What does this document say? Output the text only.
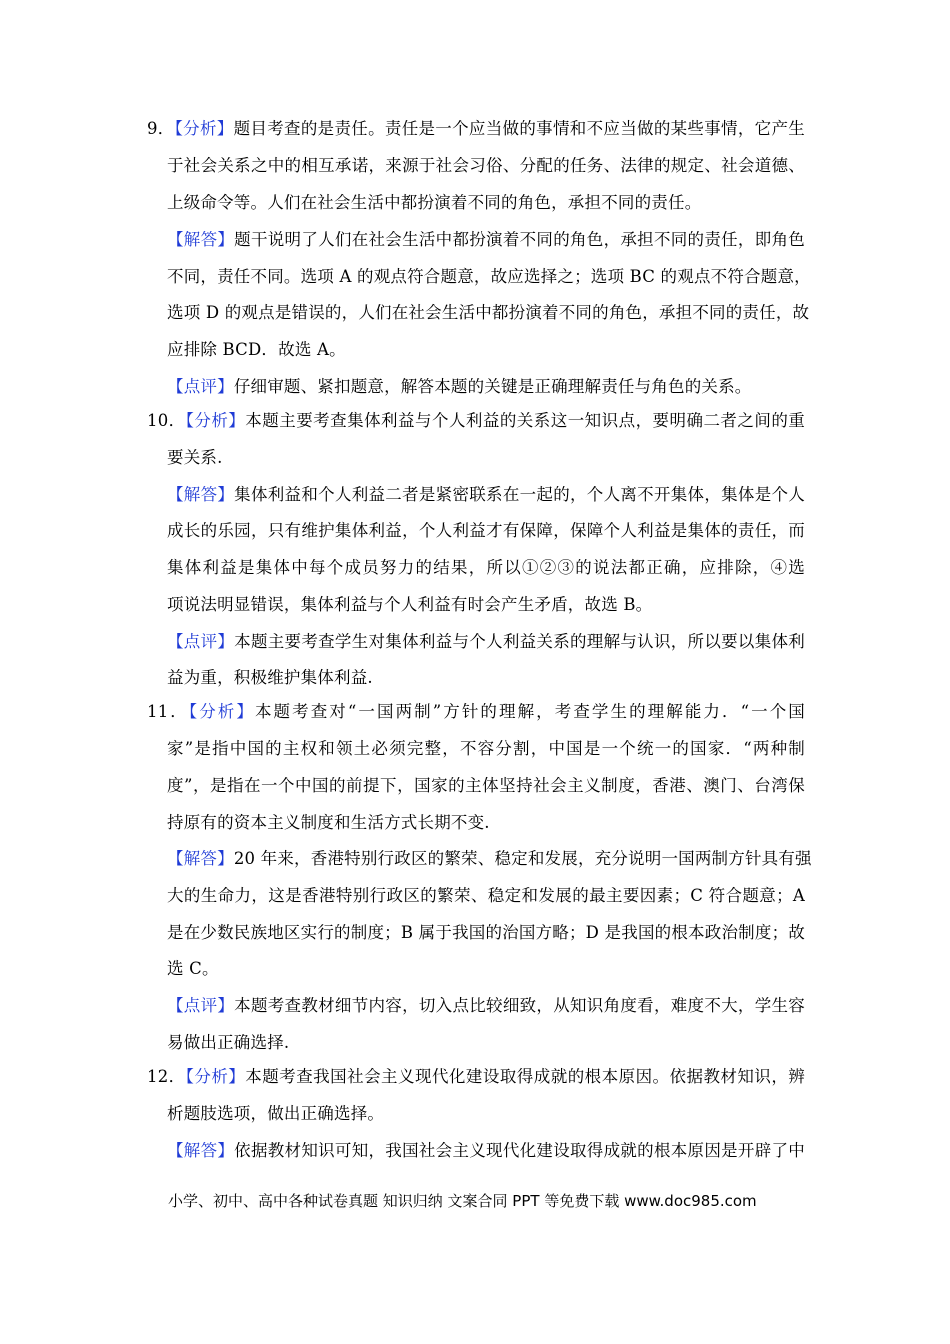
9．【分析】题目考查的是责任。责任是一个应当做的事情和不应当做的某些事情，它产生
于社会关系之中的相互承诺，来源于社会习俗、分配的任务、法律的规定、社会道德、
上级命令等。人们在社会生活中都扮演着不同的角色，承担不同的责任。
【解答】题干说明了人们在社会生活中都扮演着不同的角色，承担不同的责任，即角色
不同，责任不同。选项 A 的观点符合题意，故应选择之；选项 BC 的观点不符合题意，
选项 D 的观点是错误的，人们在社会生活中都扮演着不同的角色，承担不同的责任，故
应排除 BCD．故选 A。
【点评】仔细审题、紧扣题意，解答本题的关键是正确理解责任与角色的关系。
10．【分析】本题主要考查集体利益与个人利益的关系这一知识点，要明确二者之间的重
要关系.
【解答】集体利益和个人利益二者是紧密联系在一起的，个人离不开集体，集体是个人
成长的乐园，只有维护集体利益，个人利益才有保障，保障个人利益是集体的责任，而
集体利益是集体中每个成员努力的结果，所以①②③的说法都正确，应排除，④选
项说法明显错误，集体利益与个人利益有时会产生矛盾，故选 B。
【点评】本题主要考查学生对集体利益与个人利益关系的理解与认识，所以要以集体利
益为重，积极维护集体利益.
11．【分析】本题考查对“一国两制”方针的理解，考查学生的理解能力．“一个国
家”是指中国的主权和领土必须完整，不容分割，中国是一个统一的国家．“两种制
度”，是指在一个中国的前提下，国家的主体坚持社会主义制度，香港、澳门、台湾保
持原有的资本主义制度和生活方式长期不变.
【解答】20 年来，香港特别行政区的繁荣、稳定和发展，充分说明一国两制方针具有强
大的生命力，这是香港特别行政区的繁荣、稳定和发展的最主要因素；C 符合题意；A
是在少数民族地区实行的制度；B 属于我国的治国方略；D 是我国的根本政治制度；故
选 C。
【点评】本题考查教材细节内容，切入点比较细致，从知识角度看，难度不大，学生容
易做出正确选择.
12．【分析】本题考查我国社会主义现代化建设取得成就的根本原因。依据教材知识，辨
析题肢选项，做出正确选择。
【解答】依据教材知识可知，我国社会主义现代化建设取得成就的根本原因是开辟了中
小学、初中、高中各种试卷真题 知识归纳 文案合同 PPT 等免费下载 www.doc985.com
